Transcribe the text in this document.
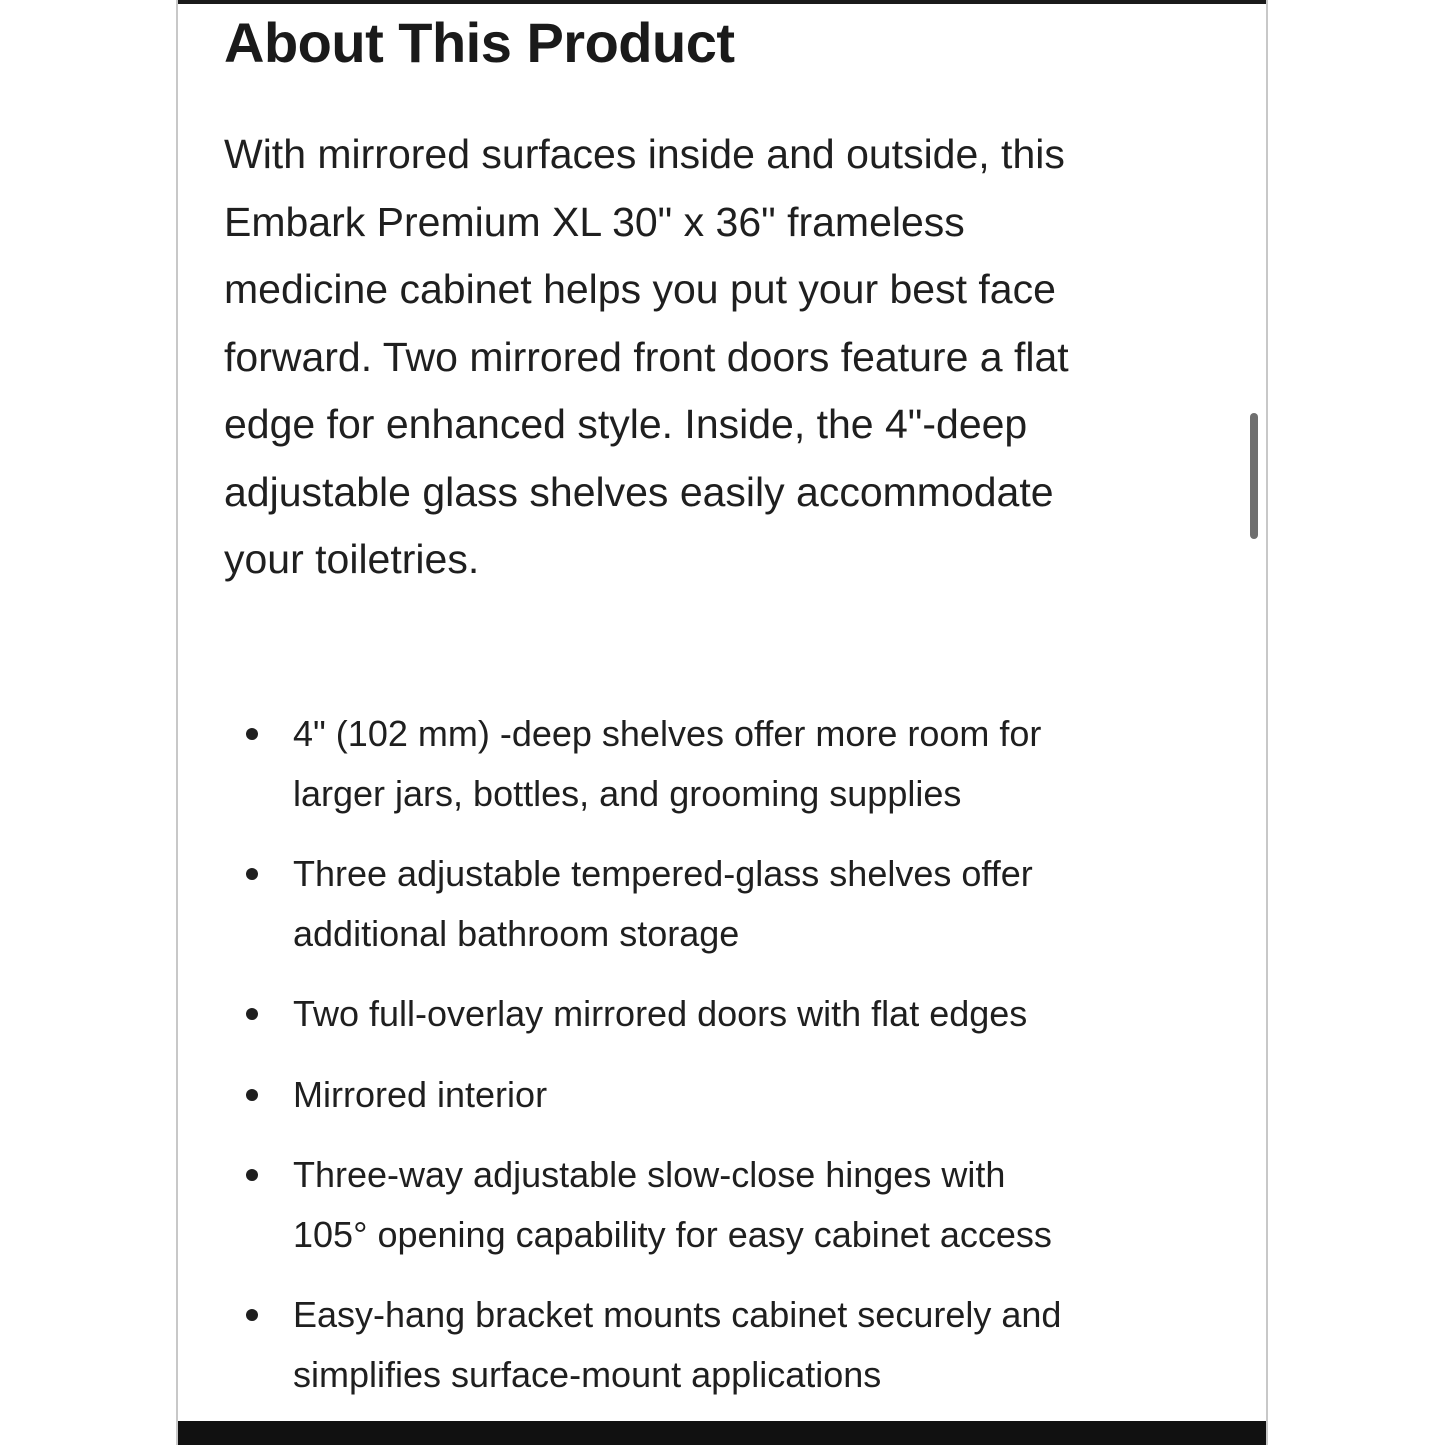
About This Product

With mirrored surfaces inside and outside, this
Embark Premium XL 30" x 36" frameless
medicine cabinet helps you put your best face
forward. Two mirrored front doors feature a flat
edge for enhanced style. Inside, the 4"-deep
adjustable glass shelves easily accommodate
your toiletries.

4" (102 mm) -deep shelves offer more room for
larger jars, bottles, and grooming supplies
Three adjustable tempered-glass shelves offer
additional bathroom storage
Two full-overlay mirrored doors with flat edges
Mirrored interior
Three-way adjustable slow-close hinges with
105° opening capability for easy cabinet access
Easy-hang bracket mounts cabinet securely and
simplifies surface-mount applications
